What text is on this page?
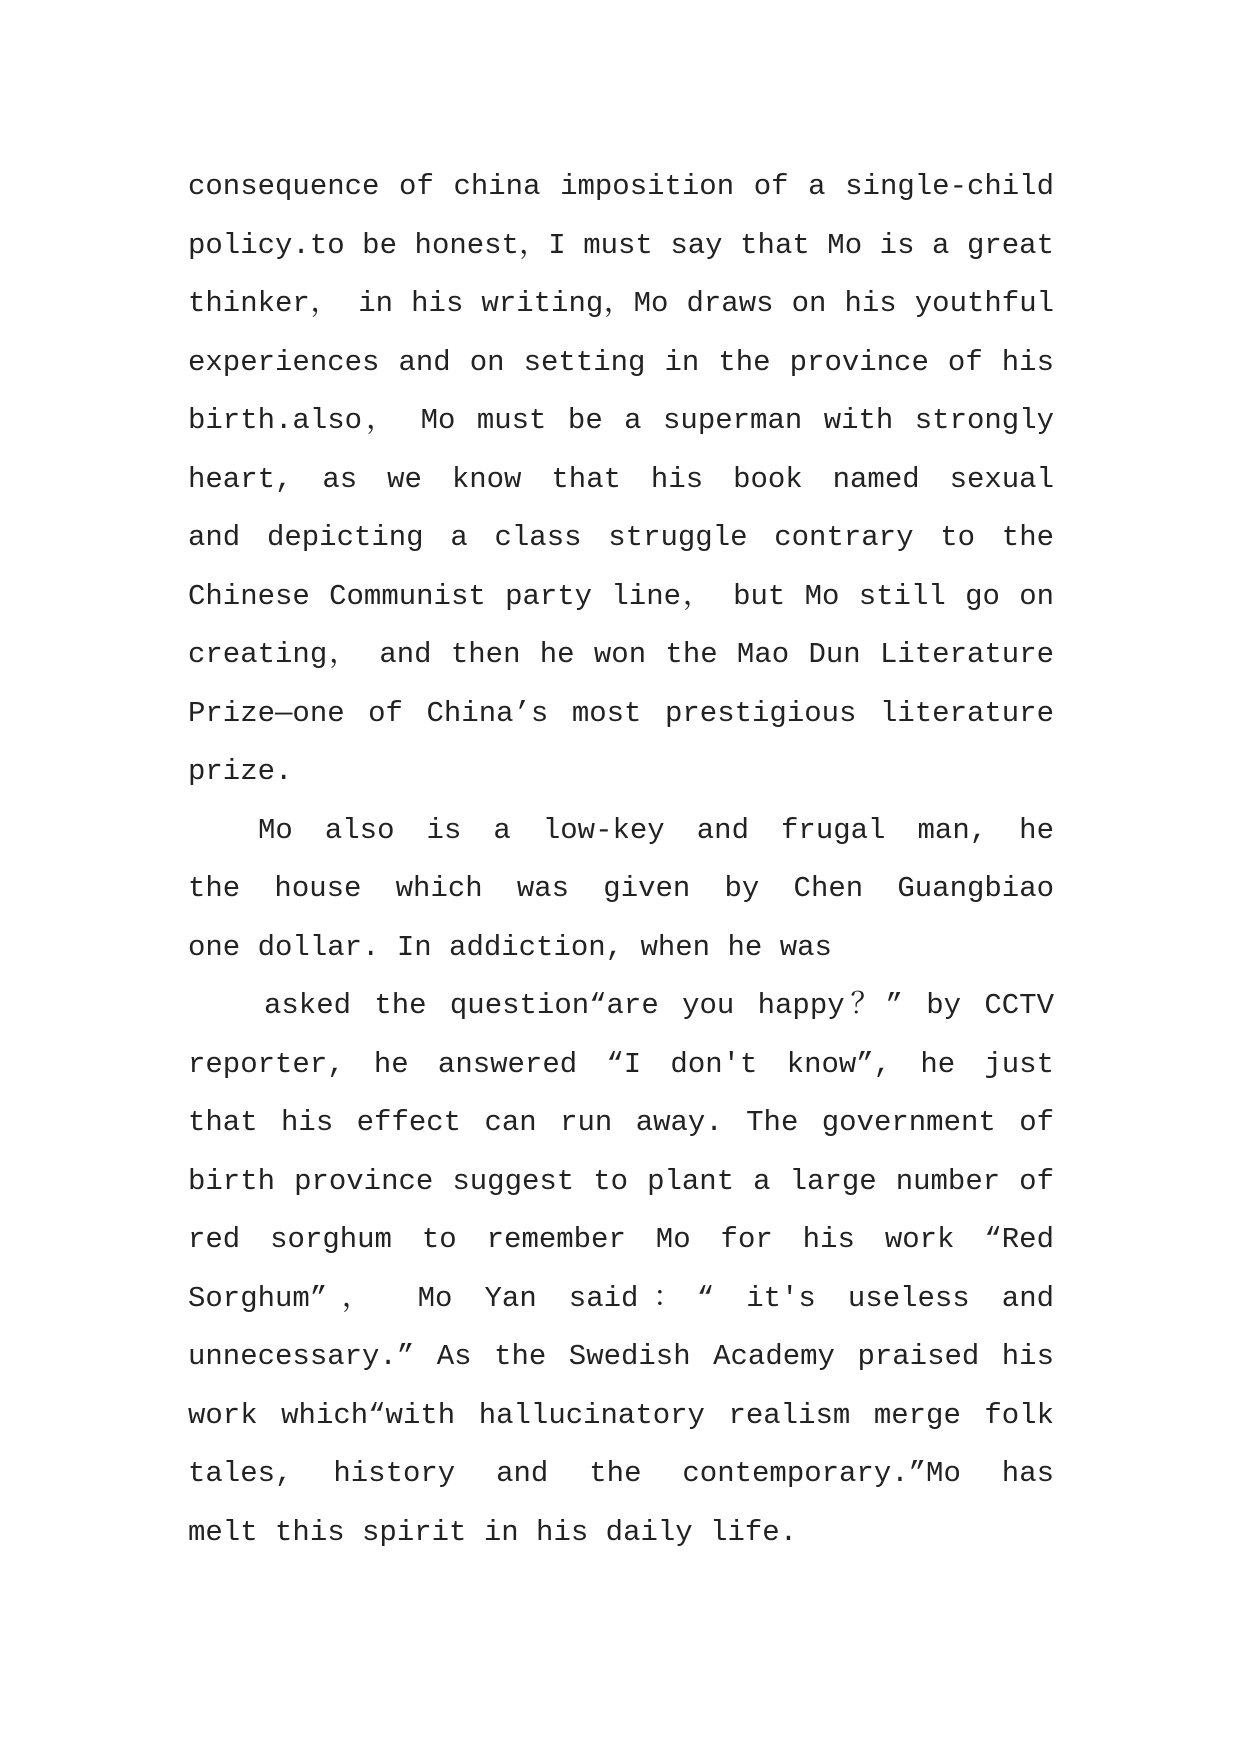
consequence of china imposition of a single-child
policy.to be honest，I must say that Mo is a great
thinker， in his writing，Mo draws on his youthful
experiences and on setting in the province of his
birth.also， Mo must be a superman with strongly
heart, as we know that his book named sexual
and depicting a class struggle contrary to the
Chinese Communist party line， but Mo still go on
creating， and then he won the Mao Dun Literature
Prize—one of China’s most prestigious literature
prize.
Mo also is a low-key and frugal man, he
the house which was given by Chen Guangbiao
one dollar. In addiction, when he was
asked the question“are you happy？” by CCTV
reporter, he answered “I don't know”, he just
that his effect can run away. The government of
birth province suggest to plant a large number of
red sorghum to remember Mo for his work “Red
Sorghum”， Mo Yan said：“ it's useless and
unnecessary.” As the Swedish Academy praised his
work which“with hallucinatory realism merge folk
tales, history and the contemporary.”Mo has
melt this spirit in his daily life.
